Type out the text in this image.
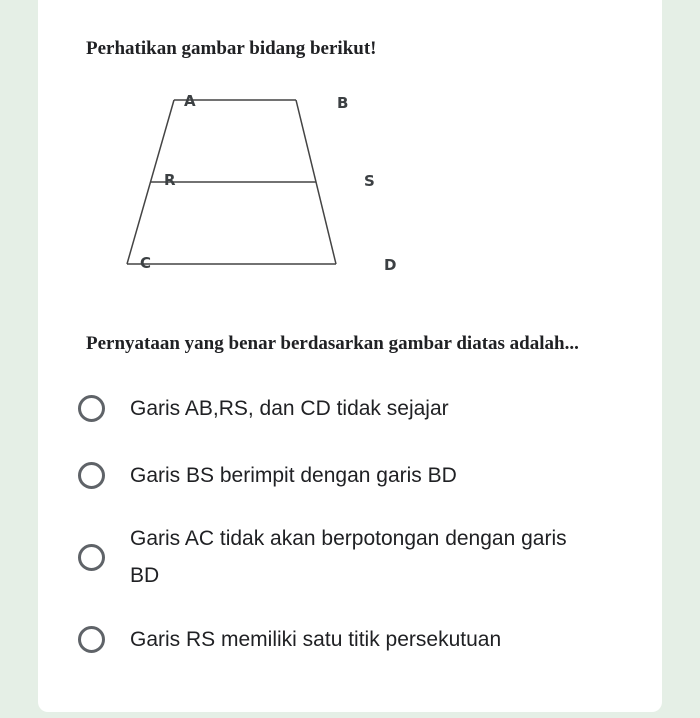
Perhatikan gambar bidang berikut!
A	B
R	S
C	D
Pernyataan yang benar berdasarkan gambar diatas adalah...
Garis AB,RS, dan CD tidak sejajar
Garis BS berimpit dengan garis BD
Garis AC tidak akan berpotongan dengan garis BD
Garis RS memiliki satu titik persekutuan
